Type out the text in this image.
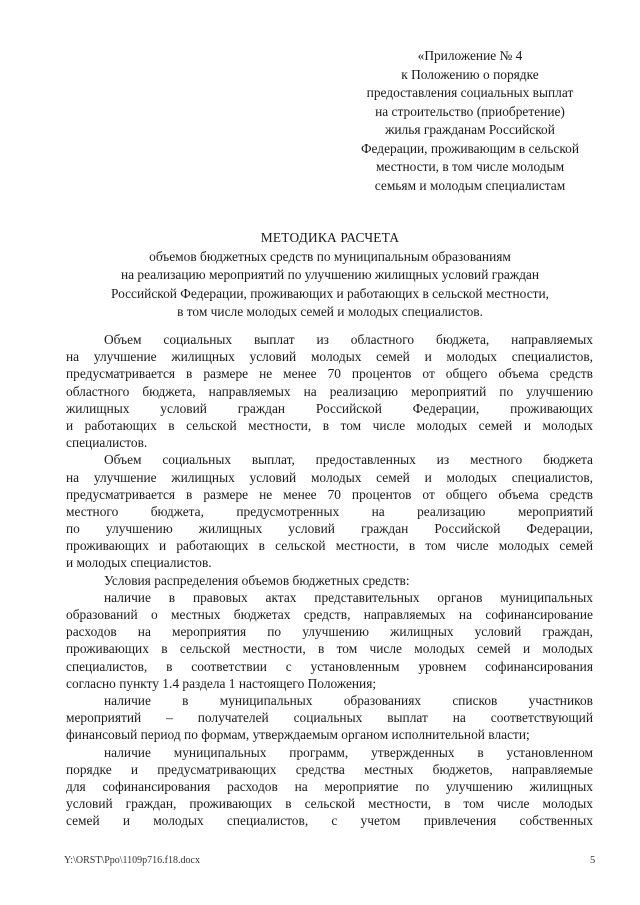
«Приложение № 4
к Положению о порядке
предоставления социальных выплат
на строительство (приобретение)
жилья гражданам Российской
Федерации, проживающим в сельской
местности, в том числе молодым
семьям и молодым специалистам
МЕТОДИКА РАСЧЕТА
объемов бюджетных средств по муниципальным образованиям
на реализацию мероприятий по улучшению жилищных условий граждан
Российской Федерации, проживающих и работающих в сельской местности,
в том числе молодых семей и молодых специалистов.
Объем социальных выплат из областного бюджета, направляемых
на улучшение жилищных условий молодых семей и молодых специалистов,
предусматривается в размере не менее 70 процентов от общего объема средств
областного бюджета, направляемых на реализацию мероприятий по улучшению
жилищных условий граждан Российской Федерации, проживающих
и работающих в сельской местности, в том числе молодых семей и молодых
специалистов.
Объем социальных выплат, предоставленных из местного бюджета
на улучшение жилищных условий молодых семей и молодых специалистов,
предусматривается в размере не менее 70 процентов от общего объема средств
местного бюджета, предусмотренных на реализацию мероприятий
по улучшению жилищных условий граждан Российской Федерации,
проживающих и работающих в сельской местности, в том числе молодых семей
и молодых специалистов.
Условия распределения объемов бюджетных средств:
наличие в правовых актах представительных органов муниципальных
образований о местных бюджетах средств, направляемых на софинансирование
расходов на мероприятия по улучшению жилищных условий граждан,
проживающих в сельской местности, в том числе молодых семей и молодых
специалистов, в соответствии с установленным уровнем софинансирования
согласно пункту 1.4 раздела 1 настоящего Положения;
наличие в муниципальных образованиях списков участников
мероприятий – получателей социальных выплат на соответствующий
финансовый период по формам, утверждаемым органом исполнительной власти;
наличие муниципальных программ, утвержденных в установленном
порядке и предусматривающих средства местных бюджетов, направляемые
для софинансирования расходов на мероприятие по улучшению жилищных
условий граждан, проживающих в сельской местности, в том числе молодых
семей и молодых специалистов, с учетом привлечения собственных
Y:\ORST\Ppo\1109p716.f18.docx	5
